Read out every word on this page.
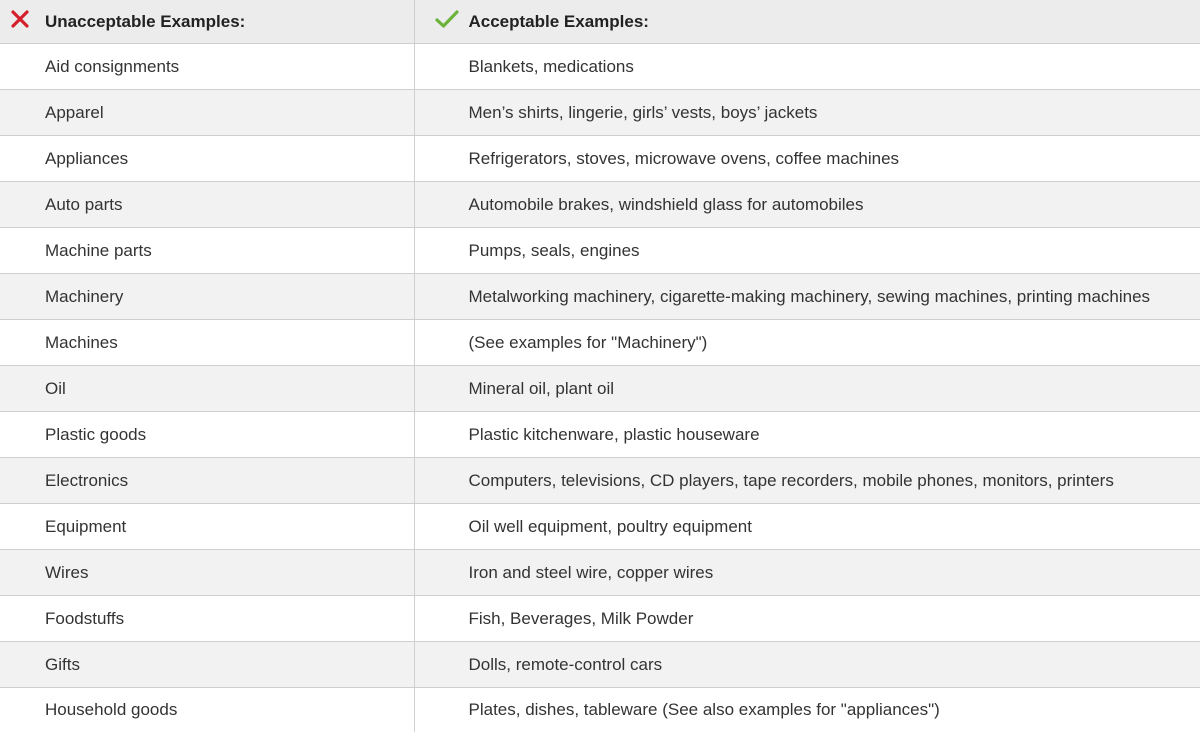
Unacceptable Examples:	Acceptable Examples:

Aid consignments	Blankets, medications
Apparel	Men’s shirts, lingerie, girls’ vests, boys’ jackets
Appliances	Refrigerators, stoves, microwave ovens, coffee machines
Auto parts	Automobile brakes, windshield glass for automobiles
Machine parts	Pumps, seals, engines
Machinery	Metalworking machinery, cigarette-making machinery, sewing machines, printing machines
Machines	(See examples for "Machinery")
Oil	Mineral oil, plant oil
Plastic goods	Plastic kitchenware, plastic houseware
Electronics	Computers, televisions, CD players, tape recorders, mobile phones, monitors, printers
Equipment	Oil well equipment, poultry equipment
Wires	Iron and steel wire, copper wires
Foodstuffs	Fish, Beverages, Milk Powder
Gifts	Dolls, remote-control cars
Household goods	Plates, dishes, tableware (See also examples for "appliances")
